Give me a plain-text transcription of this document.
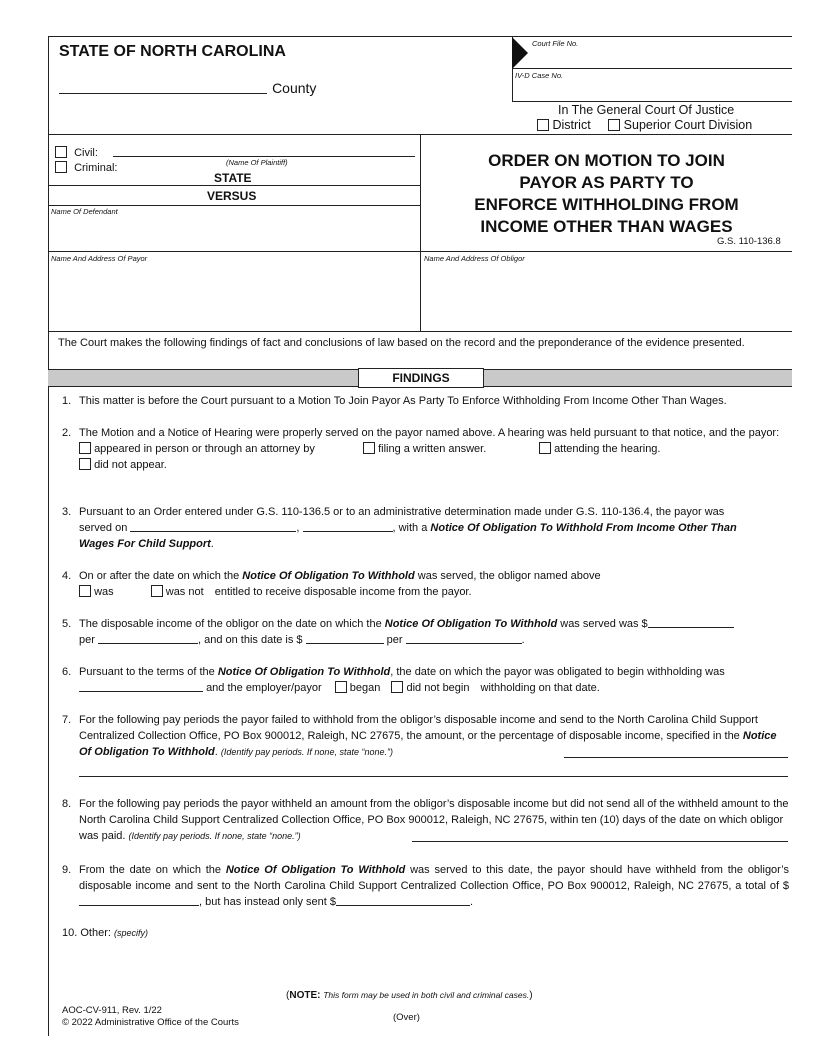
STATE OF NORTH CAROLINA
County
Court File No.
IV-D Case No.
In The General Court Of Justice
District	Superior Court Division
Civil:
Criminal:	(Name Of Plaintiff)
STATE
VERSUS
Name Of Defendant
ORDER ON MOTION TO JOIN
PAYOR AS PARTY TO
ENFORCE WITHHOLDING FROM
INCOME OTHER THAN WAGES
G.S. 110-136.8
Name And Address Of Payor	Name And Address Of Obligor
The Court makes the following findings of fact and conclusions of law based on the record and the preponderance of the evidence presented.
FINDINGS
1. This matter is before the Court pursuant to a Motion To Join Payor As Party To Enforce Withholding From Income Other Than Wages.
2. The Motion and a Notice of Hearing were properly served on the payor named above. A hearing was held pursuant to that notice, and the payor:
appeared in person or through an attorney by	filing a written answer.	attending the hearing.
did not appear.
3. Pursuant to an Order entered under G.S. 110-136.5 or to an administrative determination made under G.S. 110-136.4, the payor was
served on	,	, with a Notice Of Obligation To Withhold From Income Other Than
Wages For Child Support.
4. On or after the date on which the Notice Of Obligation To Withhold was served, the obligor named above
was	was not entitled to receive disposable income from the payor.
5. The disposable income of the obligor on the date on which the Notice Of Obligation To Withhold was served was $
per	, and on this date is $	per	.
6. Pursuant to the terms of the Notice Of Obligation To Withhold, the date on which the payor was obligated to begin withholding was
and the employer/payor	began did not begin withholding on that date.
7. For the following pay periods the payor failed to withhold from the obligor’s disposable income and send to the North Carolina Child Support Centralized Collection Office, PO Box 900012, Raleigh, NC 27675, the amount, or the percentage of disposable income, specified in the Notice Of Obligation To Withhold. (Identify pay periods. If none, state “none.”)
8. For the following pay periods the payor withheld an amount from the obligor’s disposable income but did not send all of the withheld amount to the North Carolina Child Support Centralized Collection Office, PO Box 900012, Raleigh, NC 27675, within ten (10) days of the date on which obligor was paid. (Identify pay periods. If none, state “none.”)
9. From the date on which the Notice Of Obligation To Withhold was served to this date, the payor should have withheld from the obligor’s disposable income and sent to the North Carolina Child Support Centralized Collection Office, PO Box 900012, Raleigh, NC 27675, a total of $, but has instead only sent $	.
10. Other: (specify)
(NOTE: This form may be used in both civil and criminal cases.)
AOC-CV-911, Rev. 1/22
© 2022 Administrative Office of the Courts	(Over)
